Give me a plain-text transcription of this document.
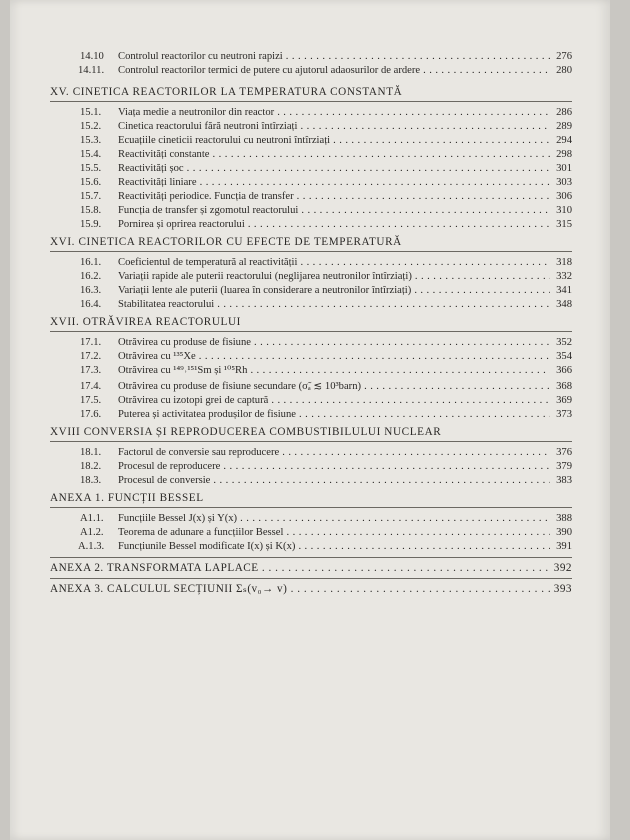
14.10 Controlul reactorilor cu neutroni rapizi . . .	276
14.11. Controlul reactorilor termici de putere cu ajutorul adaosurilor de ardere . . .	280
XV. CINETICA REACTORILOR LA TEMPERATURA CONSTANTĂ
15.1. Viața medie a neutronilor din reactor . . .	286
15.2. Cinetica reactorului fără neutroni întîrziați . . .	289
15.3. Ecuațiile cineticii reactorului cu neutroni întîrziați . . .	294
15.4. Reactivități constante . . .	298
15.5. Reactivități șoc . . .	301
15.6. Reactivități liniare . . .	303
15.7. Reactivități periodice. Funcția de transfer . . .	306
15.8. Funcția de transfer și zgomotul reactorului . . .	310
15.9. Pornirea și oprirea reactorului . . .	315
XVI. CINETICA REACTORILOR CU EFECTE DE TEMPERATURĂ
16.1. Coeficientul de temperatură al reactivității . . .	318
16.2. Variații rapide ale puterii reactorului (neglijarea neutronilor întîrziați) . . .	332
16.3. Variații lente ale puterii (luarea în considerare a neutronilor întîrziați) . . .	341
16.4. Stabilitatea reactorului . . .	348
XVII. OTRĂVIREA REACTORULUI
17.1. Otrăvirea cu produse de fisiune . . .	352
17.2. Otrăvirea cu ¹³⁵Xe . . .	354
17.3. Otrăvirea cu ¹⁴⁹˒¹⁵¹Sm și ¹⁰⁵Rh . . .	366
17.4. Otrăvirea cu produse de fisiune secundare (σ̃ₐ ≲ 10³barn) . . .	368
17.5. Otrăvirea cu izotopi grei de captură . . .	369
17.6. Puterea și activitatea produșilor de fisiune . . .	373
XVIII CONVERSIA ȘI REPRODUCEREA COMBUSTIBILULUI NUCLEAR
18.1. Factorul de conversie sau reproducere . . .	376
18.2. Procesul de reproducere . . .	379
18.3. Procesul de conversie . . .	383
ANEXA 1. FUNCȚII BESSEL
A1.1. Funcțiile Bessel J(x) și Y(x) . . .	388
A1.2. Teorema de adunare a funcțiilor Bessel . . .	390
A.1.3. Funcțiunile Bessel modificate I(x) și K(x) . . .	391
ANEXA 2. TRANSFORMATA LAPLACE . . .	392
ANEXA 3. CALCULUL SECȚIUNII Σₛ(v₀→ v) . . .	393
